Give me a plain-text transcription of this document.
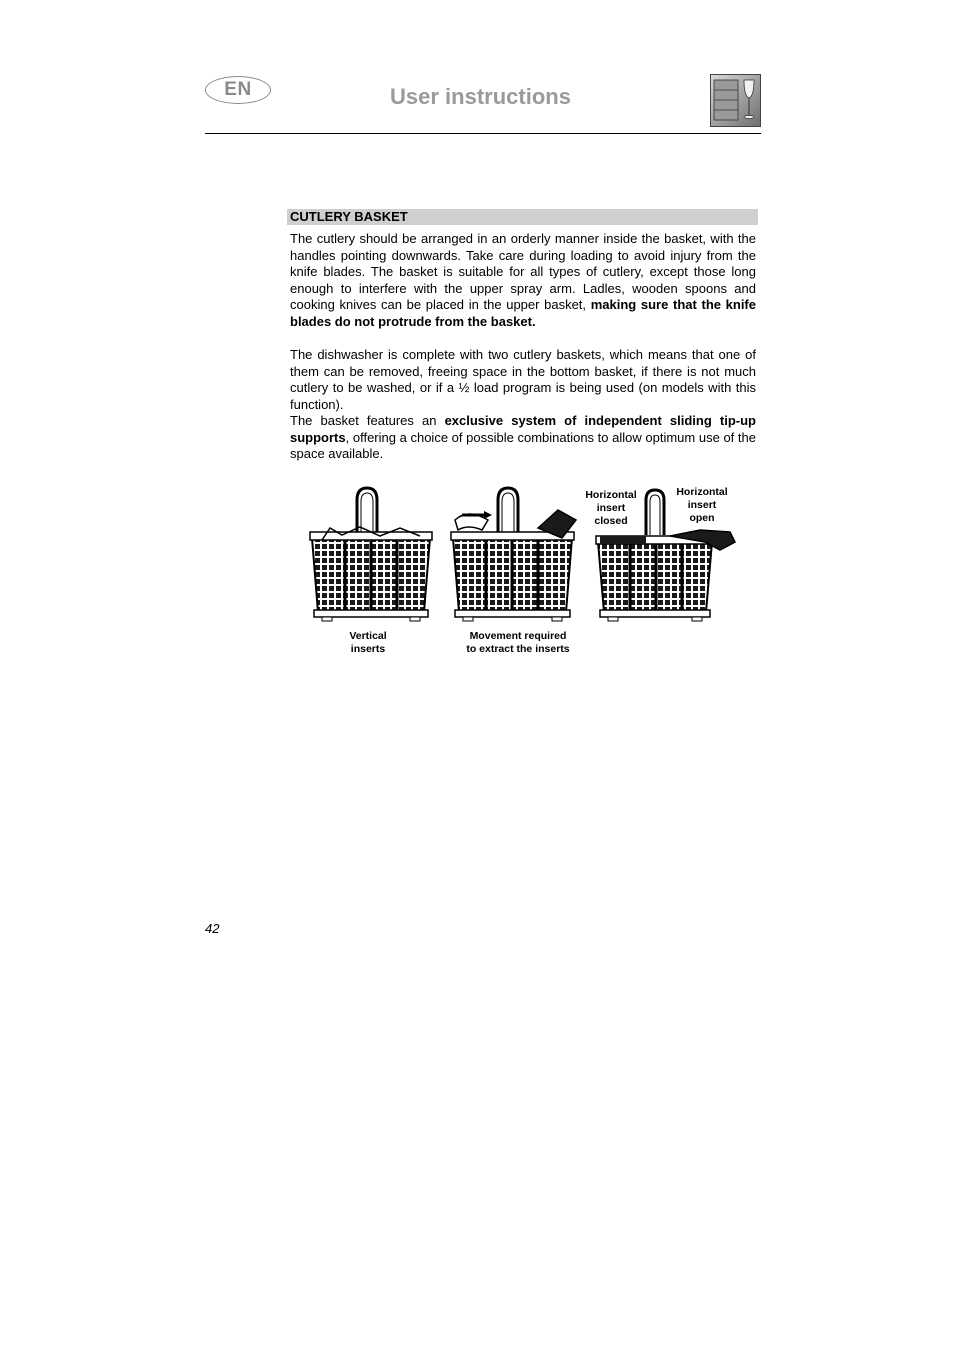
EN	User instructions
CUTLERY BASKET
The cutlery should be arranged in an orderly manner inside the basket, with the handles pointing downwards. Take care during loading to avoid injury from the knife blades. The basket is suitable for all types of cutlery, except those long enough to interfere with the upper spray arm. Ladles, wooden spoons and cooking knives can be placed in the upper basket, making sure that the knife blades do not protrude from the basket.
The dishwasher is complete with two cutlery baskets, which means that one of them can be removed, freeing space in the bottom basket, if there is not much cutlery to be washed, or if a ½ load program is being used (on models with this function).
The basket features an exclusive system of independent sliding tip-up supports, offering a choice of possible combinations to allow optimum use of the space available.
Vertical
inserts
Movement required
to extract the inserts
Horizontal
insert
closed
Horizontal
insert
open
42
